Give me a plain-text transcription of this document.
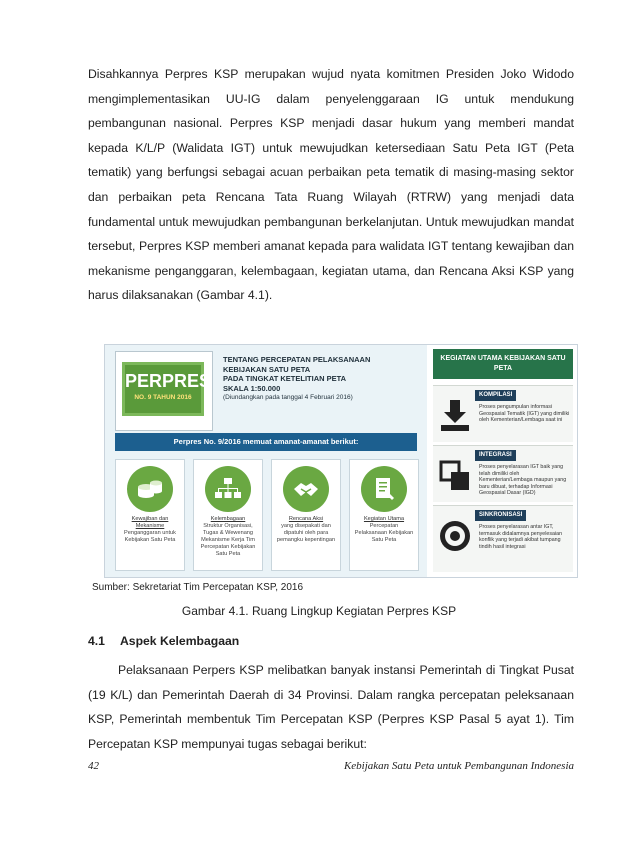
Disahkannya Perpres KSP merupakan wujud nyata komitmen Presiden Joko Widodo mengimplementasikan UU-IG dalam penyelenggaraan IG untuk mendukung pembangunan nasional. Perpres KSP menjadi dasar hukum yang memberi mandat kepada K/L/P (Walidata IGT) untuk mewujudkan ketersediaan Satu Peta IGT (Peta tematik) yang berfungsi sebagai acuan perbaikan peta tematik di masing-masing sektor dan perbaikan peta Rencana Tata Ruang Wilayah (RTRW) yang menjadi data fundamental untuk mewujudkan pembangunan berkelanjutan. Untuk mewujudkan mandat tersebut, Perpres KSP memberi amanat kepada para walidata IGT tentang kewajiban dan mekanisme penganggaran, kelembagaan, kegiatan utama, dan Rencana Aksi KSP yang harus dilaksanakan (Gambar 4.1).

PERPRES
NO. 9 TAHUN 2016
TENTANG PERCEPATAN PELAKSANAAN
KEBIJAKAN SATU PETA
PADA TINGKAT KETELITIAN PETA
SKALA 1:50.000
(Diundangkan pada tanggal 4 Februari 2016)
Perpres No. 9/2016 memuat amanat-amanat berikut:
Kewajiban dan Mekanisme
Penganggaran untuk Kebijakan Satu Peta
Kelembagaan
Struktur Organisasi, Tugas & Wewenang Mekanisme Kerja Tim Percepatan Kebijakan Satu Peta
Rencana Aksi
yang disepakati dan dipatuhi oleh para pemangku kepentingan
Kegiatan Utama
Percepatan Pelaksanaan Kebijakan Satu Peta
KEGIATAN UTAMA KEBIJAKAN SATU PETA
KOMPILASI
Proses pengumpulan informasi Geospasial Tematik (IGT) yang dimiliki oleh Kementerian/Lembaga saat ini
INTEGRASI
Proses penyelarasan IGT baik yang telah dimiliki oleh Kementerian/Lembaga maupun yang baru dibuat, terhadap Informasi Geospasial Dasar (IGD)
SINKRONISASI
Proses penyelarasan antar IGT, termasuk didalamnya penyelesaian konflik yang terjadi akibat tumpang tindih hasil integrasi
Sumber: Sekretariat Tim Percepatan KSP, 2016
Gambar 4.1. Ruang Lingkup Kegiatan Perpres KSP
4.1 Aspek Kelembagaan

Pelaksanaan Perpers KSP melibatkan banyak instansi Pemerintah di Tingkat Pusat (19 K/L) dan Pemerintah Daerah di 34 Provinsi. Dalam rangka percepatan peleksanaan KSP, Pemerintah membentuk Tim Percepatan KSP (Perpres KSP Pasal 5 ayat 1). Tim Percepatan KSP mempunyai tugas sebagai berikut:

42	Kebijakan Satu Peta untuk Pembangunan Indonesia
